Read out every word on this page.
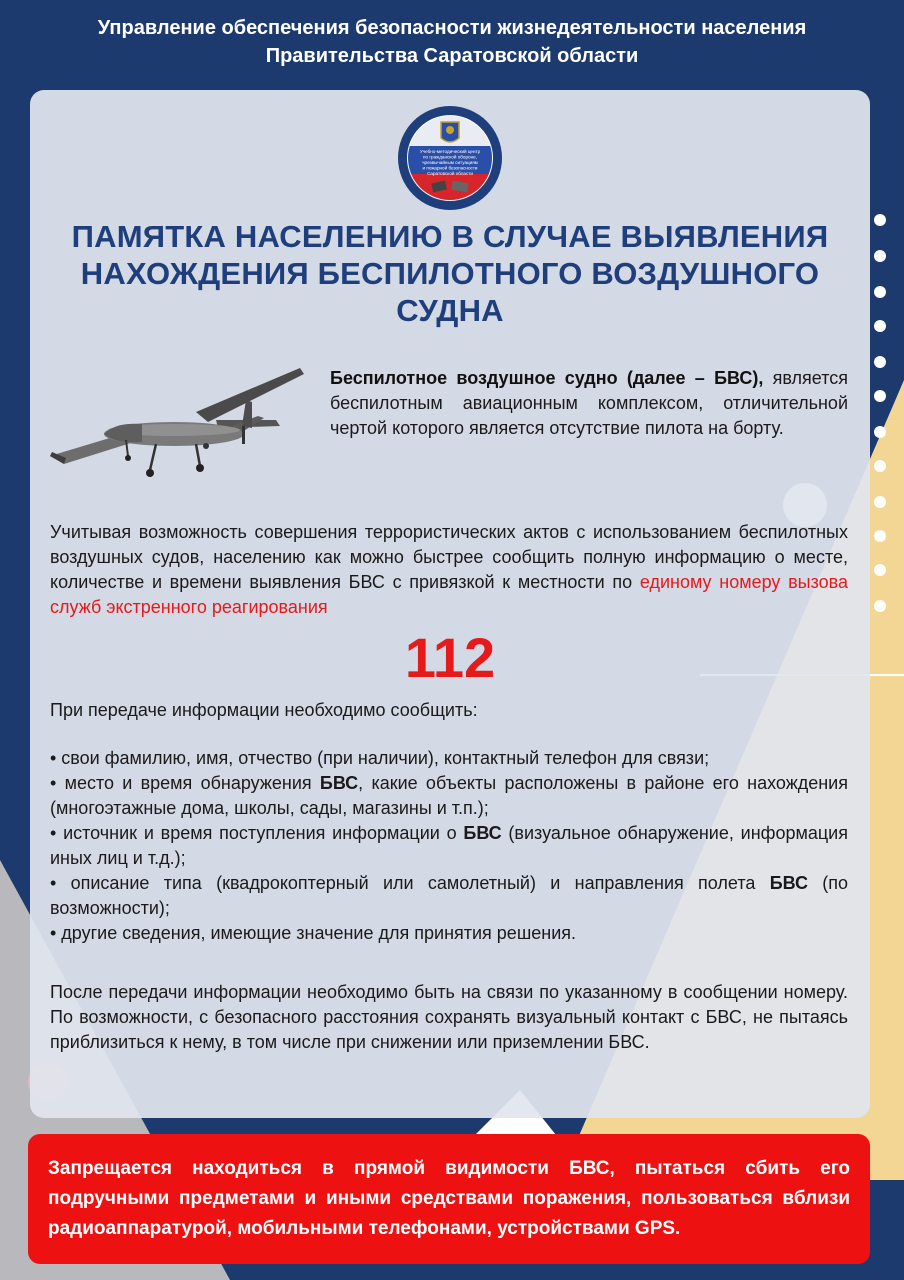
Управление обеспечения безопасности жизнедеятельности населения
Правительства Саратовской области
Учебно-методический центр
по гражданской обороне,
чрезвычайным ситуациям
и пожарной безопасности
Саратовской области
ПАМЯТКА НАСЕЛЕНИЮ В СЛУЧАЕ ВЫЯВЛЕНИЯ
НАХОЖДЕНИЯ БЕСПИЛОТНОГО ВОЗДУШНОГО
СУДНА
Беспилотное воздушное судно (далее – БВС), является беспилотным авиационным комплексом, отличительной чертой которого является отсутствие пилота на борту.
Учитывая возможность совершения террористических актов с использованием беспилотных воздушных судов, населению как можно быстрее сообщить полную информацию о месте, количестве и времени выявления БВС с привязкой к местности по единому номеру вызова служб экстренного реагирования
112
При передаче информации необходимо сообщить:

• свои фамилию, имя, отчество (при наличии), контактный телефон для связи;

• место и время обнаружения БВС, какие объекты расположены в районе его нахождения (многоэтажные дома, школы, сады, магазины и т.п.);

• источник и время поступления информации о БВС (визуальное обнаружение, информация иных лиц и т.д.);

• описание типа (квадрокоптерный или самолетный) и направления полета БВС (по возможности);

• другие сведения, имеющие значение для принятия решения.

После передачи информации необходимо быть на связи по указанному в сообщении номеру. По возможности, с безопасного расстояния сохранять визуальный контакт с БВС, не пытаясь приблизиться к нему, в том числе при снижении или приземлении БВС.
Запрещается находиться в прямой видимости БВС, пытаться сбить его подручными предметами и иными средствами поражения, пользоваться вблизи радиоаппаратурой, мобильными телефонами, устройствами GPS.
